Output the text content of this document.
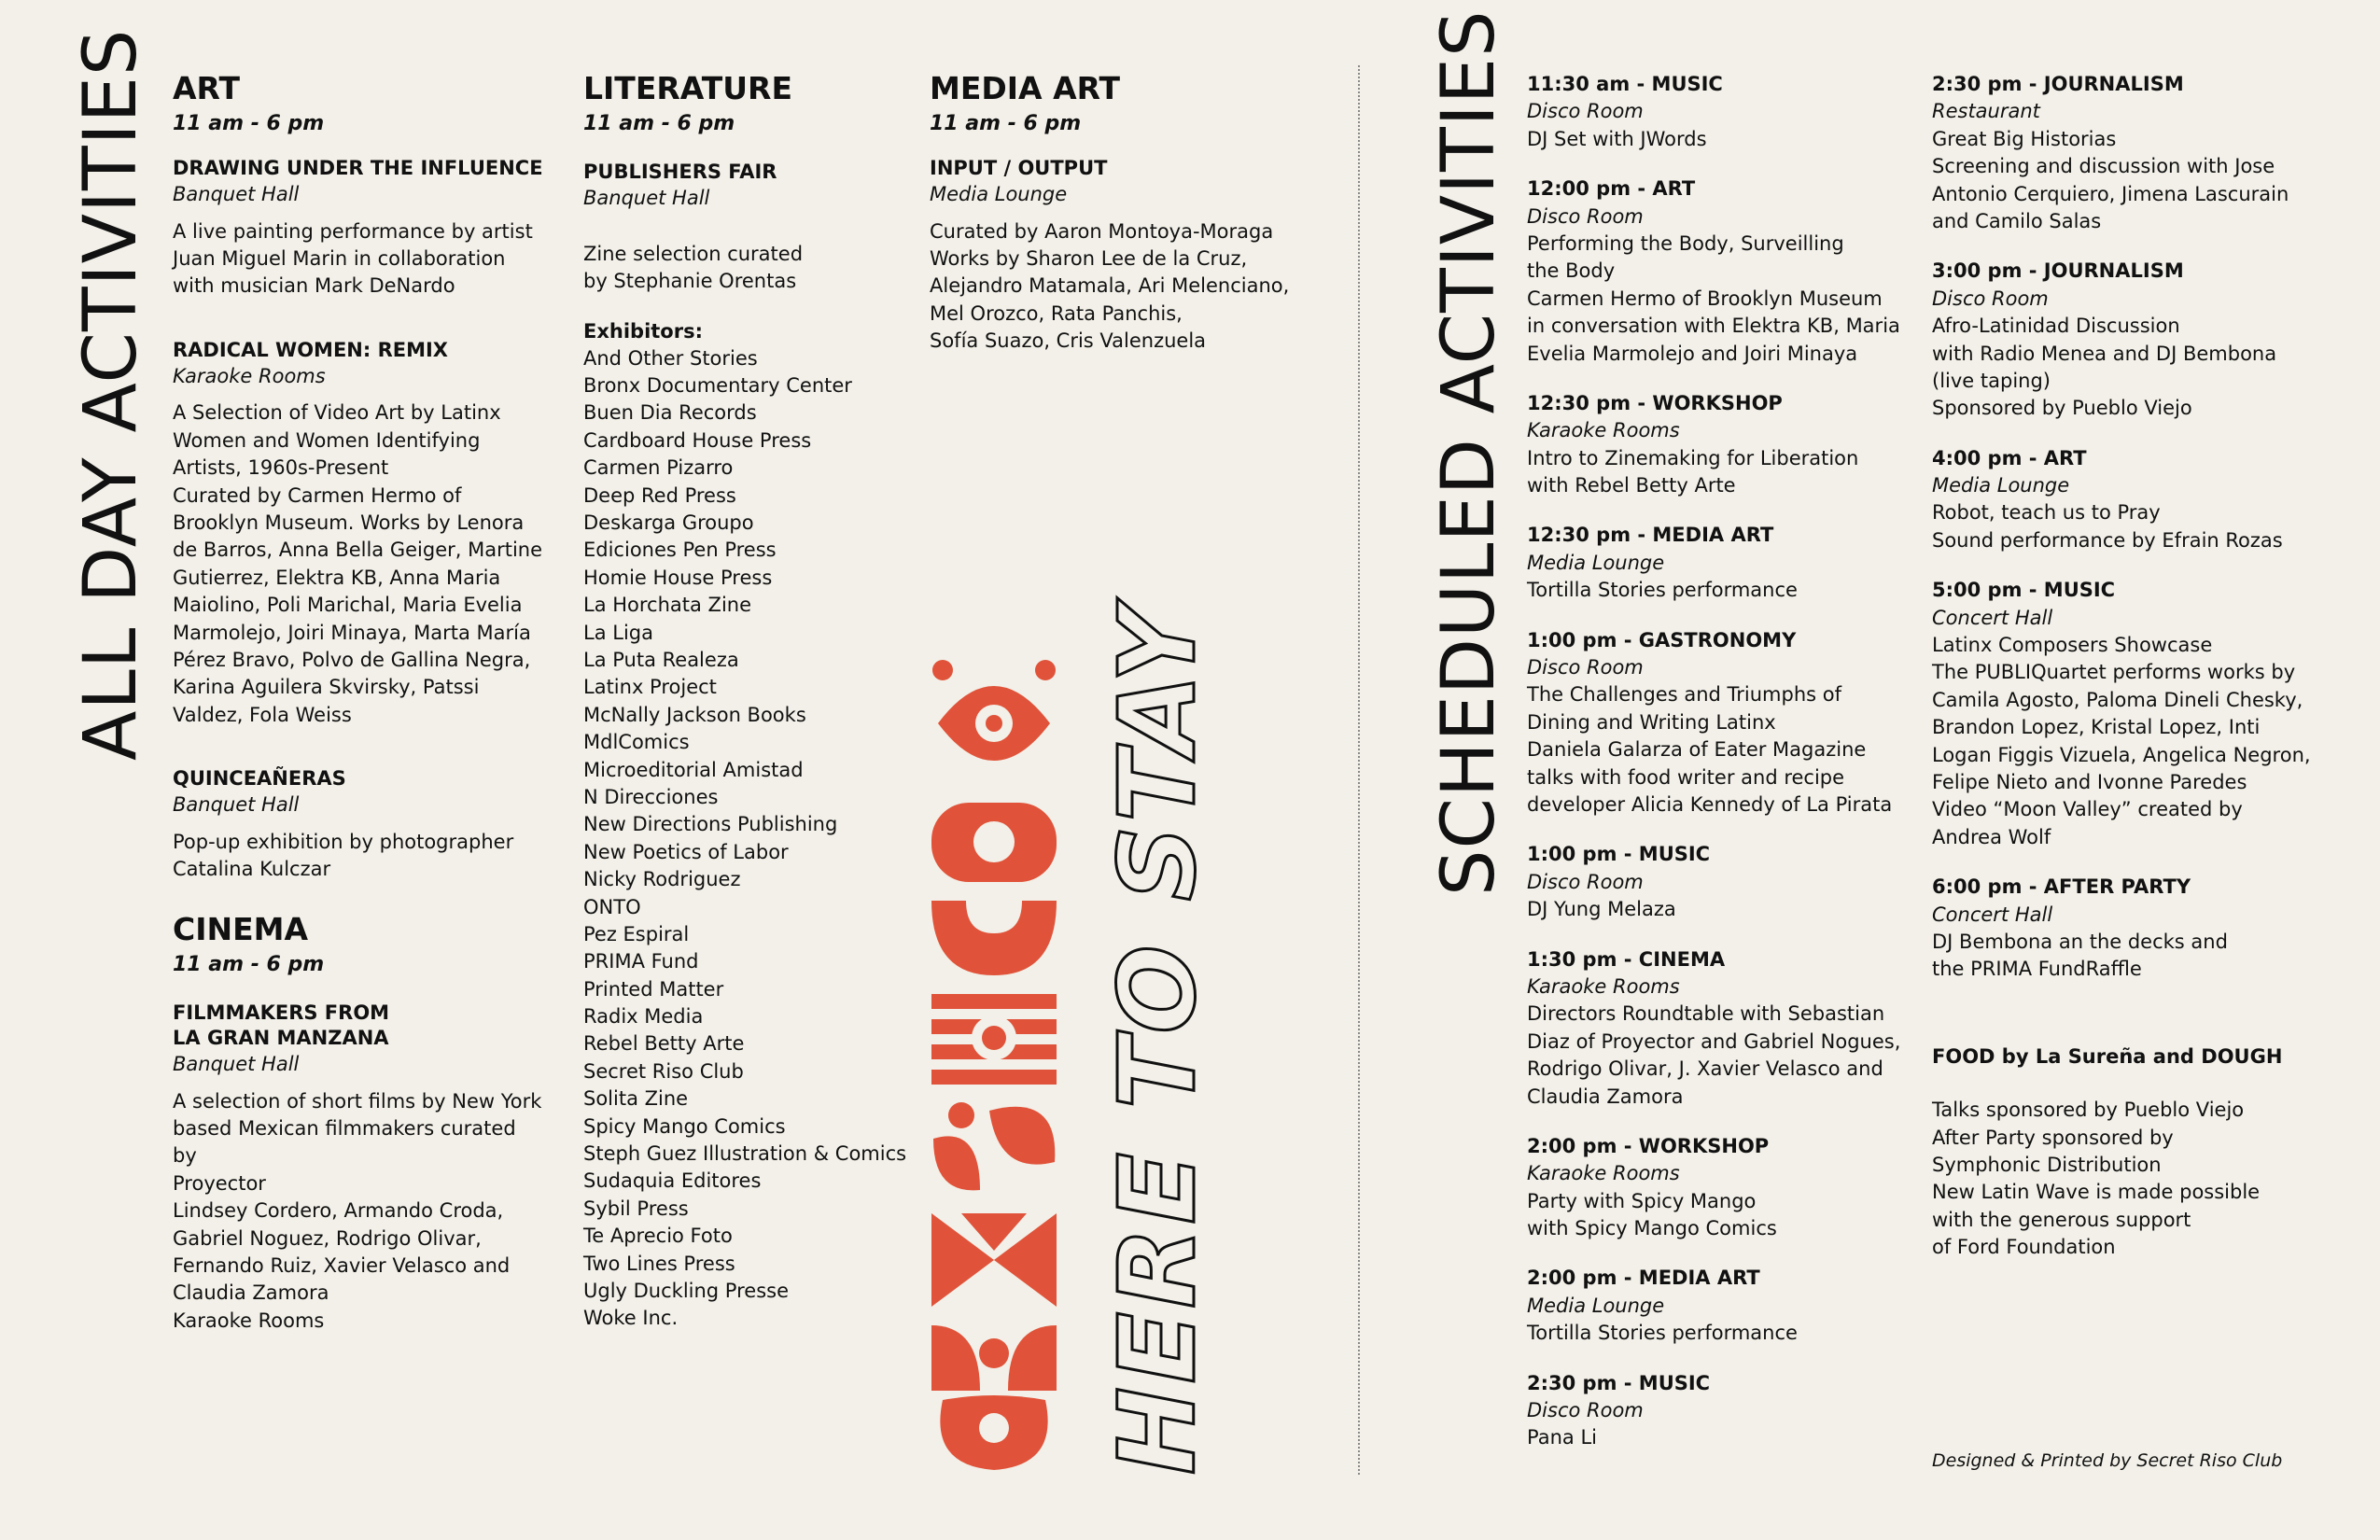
ALL DAY ACTIVITIES	SCHEDULED ACTIVITIES
ART
11 am - 6 pm
DRAWING UNDER THE INFLUENCE
Banquet Hall
A live painting performance by artist
Juan Miguel Marin in collaboration
with musician Mark DeNardo
RADICAL WOMEN: REMIX
Karaoke Rooms
A Selection of Video Art by Latinx
Women and Women Identifying
Artists, 1960s-Present
Curated by Carmen Hermo of
Brooklyn Museum. Works by Lenora
de Barros, Anna Bella Geiger, Martine
Gutierrez, Elektra KB, Anna Maria
Maiolino, Poli Marichal, Maria Evelia
Marmolejo, Joiri Minaya, Marta María
Pérez Bravo, Polvo de Gallina Negra,
Karina Aguilera Skvirsky, Patssi
Valdez, Fola Weiss
QUINCEAÑERAS
Banquet Hall
Pop-up exhibition by photographer
Catalina Kulczar
CINEMA
11 am - 6 pm
FILMMAKERS FROM
LA GRAN MANZANA
Banquet Hall
A selection of short films by New York
based Mexican filmmakers curated by
Proyector
Lindsey Cordero, Armando Croda,
Gabriel Noguez, Rodrigo Olivar,
Fernando Ruiz, Xavier Velasco and
Claudia Zamora
Karaoke Rooms
LITERATURE
11 am - 6 pm
PUBLISHERS FAIR
Banquet Hall
Zine selection curated
by Stephanie Orentas
Exhibitors:
And Other Stories
Bronx Documentary Center
Buen Dia Records
Cardboard House Press
Carmen Pizarro
Deep Red Press
Deskarga Groupo
Ediciones Pen Press
Homie House Press
La Horchata Zine
La Liga
La Puta Realeza
Latinx Project
McNally Jackson Books
MdlComics
Microeditorial Amistad
N Direcciones
New Directions Publishing
New Poetics of Labor
Nicky Rodriguez
ONTO
Pez Espiral
PRIMA Fund
Printed Matter
Radix Media
Rebel Betty Arte
Secret Riso Club
Solita Zine
Spicy Mango Comics
Steph Guez Illustration & Comics
Sudaquia Editores
Sybil Press
Te Aprecio Foto
Two Lines Press
Ugly Duckling Presse
Woke Inc.
MEDIA ART
11 am - 6 pm
INPUT / OUTPUT
Media Lounge
Curated by Aaron Montoya-Moraga
Works by Sharon Lee de la Cruz,
Alejandro Matamala, Ari Melenciano,
Mel Orozco, Rata Panchis,
Sofía Suazo, Cris Valenzuela
HERE TO STAY
11:30 am - MUSIC
Disco Room
DJ Set with JWords
12:00 pm - ART
Disco Room
Performing the Body, Surveilling
the Body
Carmen Hermo of Brooklyn Museum
in conversation with Elektra KB, Maria
Evelia Marmolejo and Joiri Minaya
12:30 pm - WORKSHOP
Karaoke Rooms
Intro to Zinemaking for Liberation
with Rebel Betty Arte
12:30 pm - MEDIA ART
Media Lounge
Tortilla Stories performance
1:00 pm - GASTRONOMY
Disco Room
The Challenges and Triumphs of
Dining and Writing Latinx
Daniela Galarza of Eater Magazine
talks with food writer and recipe
developer Alicia Kennedy of La Pirata
1:00 pm - MUSIC
Disco Room
DJ Yung Melaza
1:30 pm - CINEMA
Karaoke Rooms
Directors Roundtable with Sebastian
Diaz of Proyector and Gabriel Nogues,
Rodrigo Olivar, J. Xavier Velasco and
Claudia Zamora
2:00 pm - WORKSHOP
Karaoke Rooms
Party with Spicy Mango
with Spicy Mango Comics
2:00 pm - MEDIA ART
Media Lounge
Tortilla Stories performance
2:30 pm - MUSIC
Disco Room
Pana Li
2:30 pm - JOURNALISM
Restaurant
Great Big Historias
Screening and discussion with Jose
Antonio Cerquiero, Jimena Lascurain
and Camilo Salas
3:00 pm - JOURNALISM
Disco Room
Afro-Latinidad Discussion
with Radio Menea and DJ Bembona
(live taping)
Sponsored by Pueblo Viejo
4:00 pm - ART
Media Lounge
Robot, teach us to Pray
Sound performance by Efrain Rozas
5:00 pm - MUSIC
Concert Hall
Latinx Composers Showcase
The PUBLIQuartet performs works by
Camila Agosto, Paloma Dineli Chesky,
Brandon Lopez, Kristal Lopez, Inti
Logan Figgis Vizuela, Angelica Negron,
Felipe Nieto and Ivonne Paredes
Video “Moon Valley” created by
Andrea Wolf
6:00 pm - AFTER PARTY
Concert Hall
DJ Bembona an the decks and
the PRIMA FundRaffle
FOOD by La Sureña and DOUGH
Talks sponsored by Pueblo Viejo
After Party sponsored by
Symphonic Distribution
New Latin Wave is made possible
with the generous support
of Ford Foundation
Designed & Printed by Secret Riso Club
